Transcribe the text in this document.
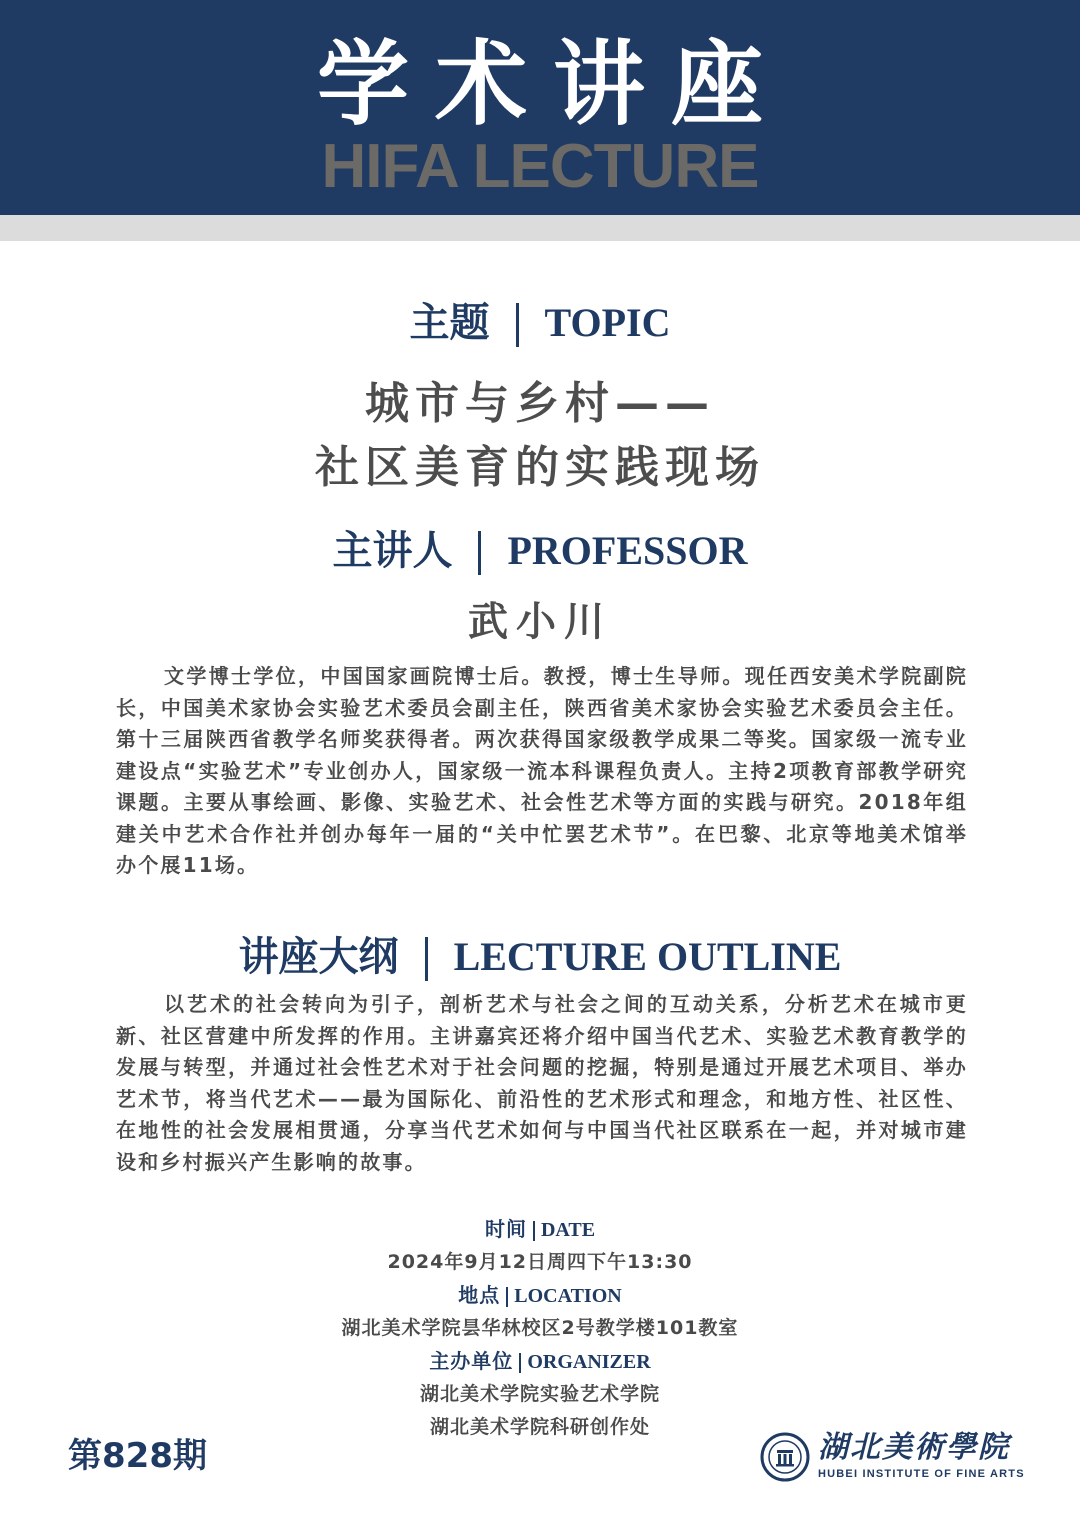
学术讲座
HIFA LECTURE
主题 TOPIC
城市与乡村——
社区美育的实践现场
主讲人 PROFESSOR
武小川
文学博士学位，中国国家画院博士后。教授，博士生导师。现任西安美术学院副院长，中国美术家协会实验艺术委员会副主任，陕西省美术家协会实验艺术委员会主任。第十三届陕西省教学名师奖获得者。两次获得国家级教学成果二等奖。国家级一流专业建设点“实验艺术”专业创办人，国家级一流本科课程负责人。主持2项教育部教学研究课题。主要从事绘画、影像、实验艺术、社会性艺术等方面的实践与研究。2018年组建关中艺术合作社并创办每年一届的“关中忙罢艺术节”。在巴黎、北京等地美术馆举办个展11场。
讲座大纲 LECTURE OUTLINE
以艺术的社会转向为引子，剖析艺术与社会之间的互动关系，分析艺术在城市更新、社区营建中所发挥的作用。主讲嘉宾还将介绍中国当代艺术、实验艺术教育教学的发展与转型，并通过社会性艺术对于社会问题的挖掘，特别是通过开展艺术项目、举办艺术节，将当代艺术——最为国际化、前沿性的艺术形式和理念，和地方性、社区性、在地性的社会发展相贯通，分享当代艺术如何与中国当代社区联系在一起，并对城市建设和乡村振兴产生影响的故事。
时间 DATE
2024年9月12日周四下午13:30
地点 LOCATION
湖北美术学院昙华林校区2号教学楼101教室
主办单位 ORGANIZER
湖北美术学院实验艺术学院
湖北美术学院科研创作处
第828期	湖北美術學院
HUBEI INSTITUTE OF FINE ARTS
